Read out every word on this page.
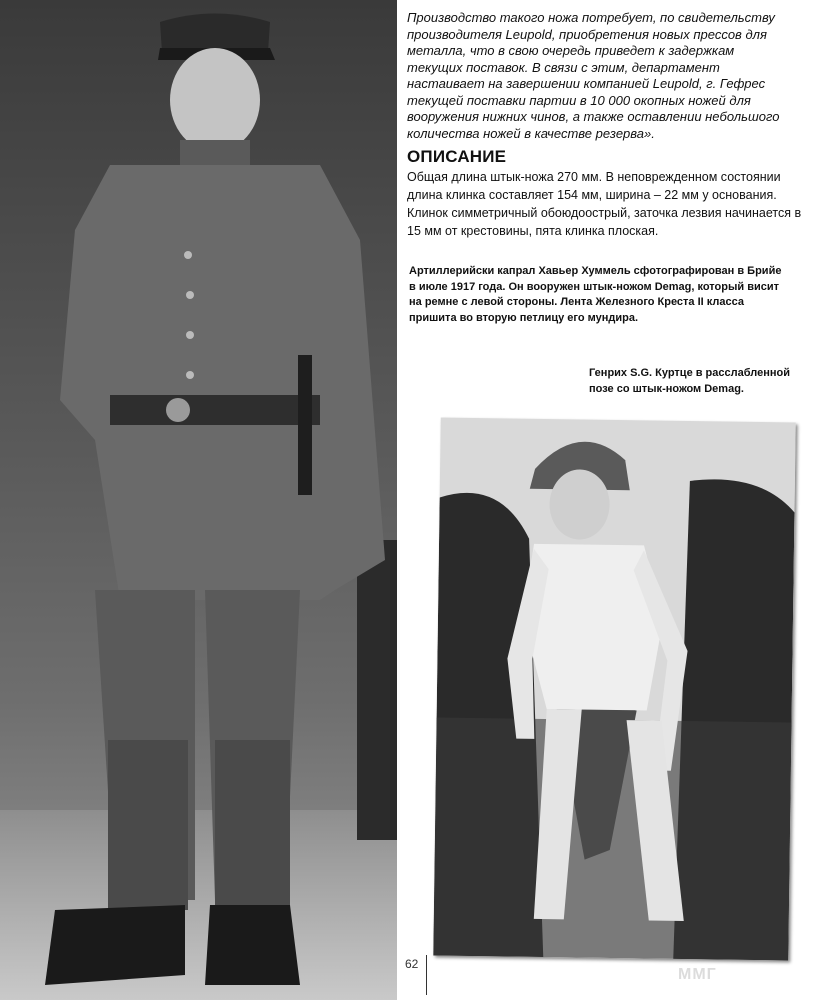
Производство такого ножа потребует, по свидетельству производителя Leupold, приобретения новых прессов для металла, что в свою очередь приведет к задержкам текущих поставок. В связи с этим, департамент настаивает на завершении компанией Leupold, г. Гефрес текущей поставки партии в 10 000 окопных ножей для вооружения нижних чинов, а также оставлении небольшого количества ножей в качестве резерва».
ОПИСАНИЕ
Общая длина штык-ножа 270 мм. В неповрежденном состоянии длина клинка составляет 154 мм, ширина – 22 мм у основания. Клинок симметричный обоюдоострый, заточка лезвия начинается в 15 мм от крестовины, пята клинка плоская.
Артиллерийски капрал Хавьер Хуммель сфотографирован в Брийе в июле 1917 года. Он вооружен штык-ножом Demag, который висит на ремне с левой стороны. Лента Железного Креста II класса пришита во вторую петлицу его мундира.
Генрих S.G. Куртце в расслабленной позе со штык-ножом Demag.
62
ММГ
